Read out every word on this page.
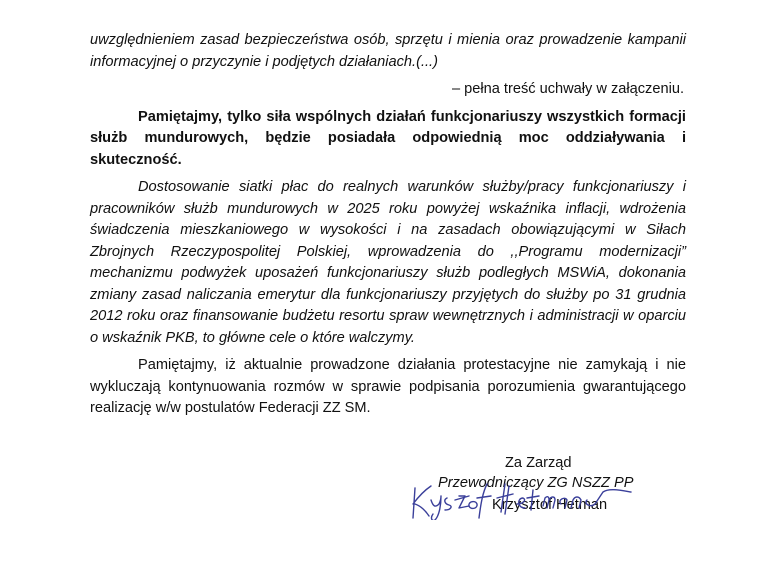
uwzględnieniem zasad bezpieczeństwa osób, sprzętu i mienia oraz prowadzenie kampanii informacyjnej o przyczynie i podjętych działaniach.(...)

– pełna treść uchwały w załączeniu.

Pamiętajmy, tylko siła wspólnych działań funkcjonariuszy wszystkich formacji służb mundurowych, będzie posiadała odpowiednią moc oddziaływania i skuteczność.

Dostosowanie siatki płac do realnych warunków służby/pracy funkcjonariuszy i pracowników służb mundurowych w 2025 roku powyżej wskaźnika inflacji, wdrożenia świadczenia mieszkaniowego w wysokości i na zasadach obowiązującymi w Siłach Zbrojnych Rzeczypospolitej Polskiej, wprowadzenia do ,,Programu modernizacji” mechanizmu podwyżek uposażeń funkcjonariuszy służb podległych MSWiA, dokonania zmiany zasad naliczania emerytur dla funkcjonariuszy przyjętych do służby po 31 grudnia 2012 roku oraz finansowanie budżetu resortu spraw wewnętrznych i administracji w oparciu o wskaźnik PKB, to główne cele o które walczymy.

Pamiętajmy, iż aktualnie prowadzone działania protestacyjne nie zamykają i nie wykluczają kontynuowania rozmów w sprawie podpisania porozumienia gwarantującego realizację w/w postulatów Federacji ZZ SM.

Za Zarząd
Przewodniczący ZG NSZZ PP
Krzysztof Hetman
